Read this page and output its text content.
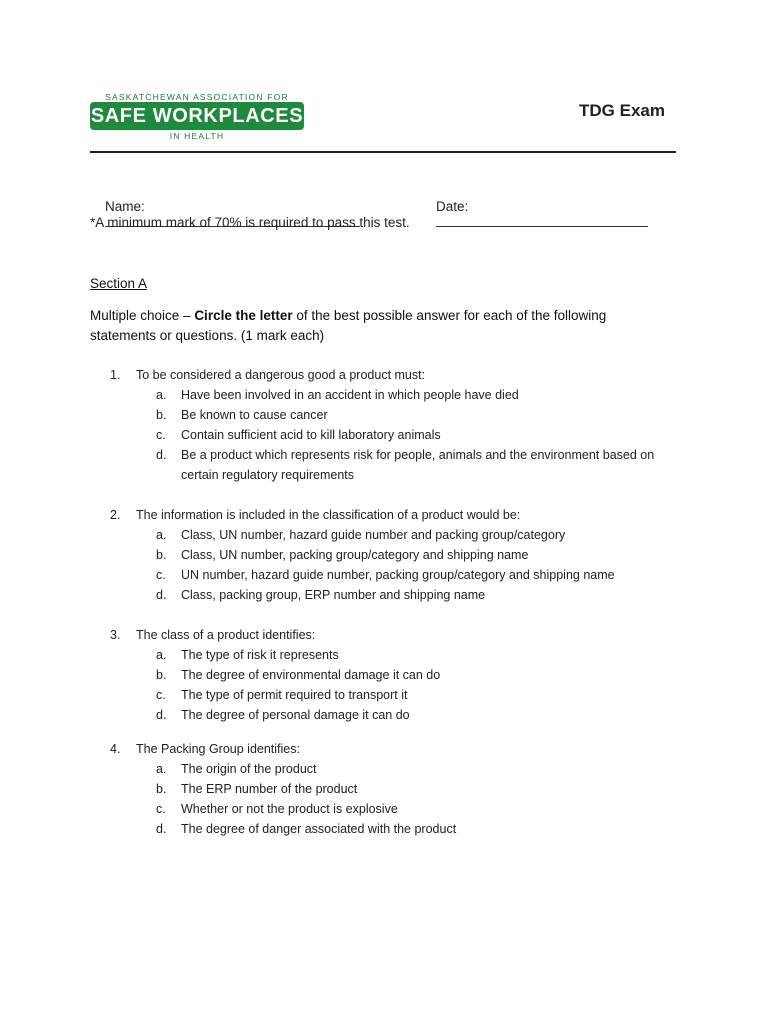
SASKATCHEWAN ASSOCIATION FOR
SAFE WORKPLACES
IN HEALTH
TDG Exam

Name:

	Date:

*A minimum mark of 70% is required to pass this test.
Section A
Multiple choice – Circle the letter of the best possible answer for each of the following statements or questions. (1 mark each)
1. To be considered a dangerous good a product must:
a. Have been involved in an accident in which people have died
b. Be known to cause cancer
c. Contain sufficient acid to kill laboratory animals
d. Be a product which represents risk for people, animals and the environment based on certain regulatory requirements
2. The information is included in the classification of a product would be:
a. Class, UN number, hazard guide number and packing group/category
b. Class, UN number, packing group/category and shipping name
c. UN number, hazard guide number, packing group/category and shipping name
d. Class, packing group, ERP number and shipping name
3. The class of a product identifies:
a. The type of risk it represents
b. The degree of environmental damage it can do
c. The type of permit required to transport it
d. The degree of personal damage it can do
4. The Packing Group identifies:
a. The origin of the product
b. The ERP number of the product
c. Whether or not the product is explosive
d. The degree of danger associated with the product
